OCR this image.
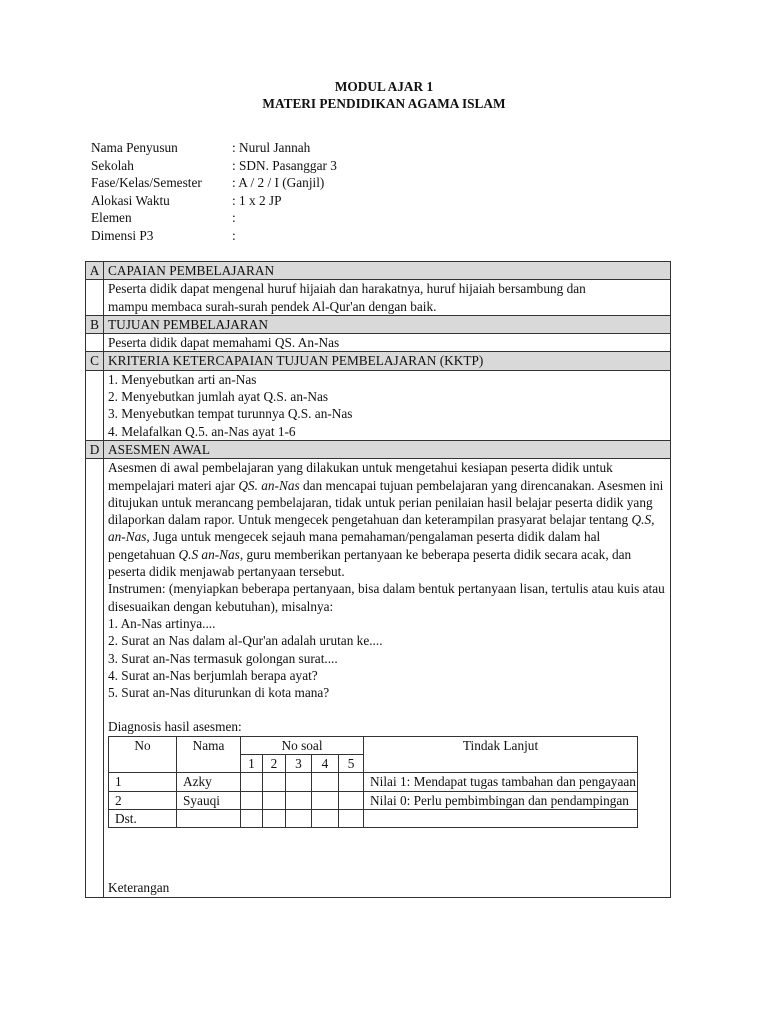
MODUL AJAR 1
MATERI PENDIDIKAN AGAMA ISLAM
Nama Penyusun	: Nurul Jannah
Sekolah	: SDN. Pasanggar 3
Fase/Kelas/Semester : A / 2 / I (Ganjil)
Alokasi Waktu	: 1 x 2 JP
Elemen	:
Dimensi P3	:
A	CAPAIAN PEMBELAJARAN

Peserta didik dapat mengenal huruf hijaiah dan harakatnya, huruf hijaiah bersambung dan
mampu membaca surah-surah pendek Al-Qur'an dengan baik.

B	TUJUAN PEMBELAJARAN

Peserta didik dapat memahami QS. An-Nas

C	KRITERIA KETERCAPAIAN TUJUAN PEMBELAJARAN (KKTP)

1. Menyebutkan arti an-Nas
2. Menyebutkan jumlah ayat Q.S. an-Nas
3. Menyebutkan tempat turunnya Q.S. an-Nas
4. Melafalkan Q.5. an-Nas ayat 1-6

D	ASESMEN AWAL

Asesmen di awal pembelajaran yang dilakukan untuk mengetahui kesiapan peserta didik untuk mempelajari materi ajar QS. an-Nas dan mencapai tujuan pembelajaran yang direncanakan. Asesmen ini ditujukan untuk merancang pembelajaran, tidak untuk perian penilaian hasil belajar peserta didik yang dilaporkan dalam rapor. Untuk mengecek pengetahuan dan keterampilan prasyarat belajar tentang Q.S, an-Nas, Juga untuk mengecek sejauh mana pemahaman/pengalaman peserta didik dalam hal pengetahuan Q.S an-Nas, guru memberikan pertanyaan ke beberapa peserta didik secara acak, dan peserta didik menjawab pertanyaan tersebut.

Instrumen: (menyiapkan beberapa pertanyaan, bisa dalam bentuk pertanyaan lisan, tertulis atau kuis atau disesuaikan dengan kebutuhan), misalnya:

1. An-Nas artinya....
2. Surat an Nas dalam al-Qur'an adalah urutan ke....
3. Surat an-Nas termasuk golongan surat....
4. Surat an-Nas berjumlah berapa ayat?
5. Surat an-Nas diturunkan di kota mana?
Diagnosis hasil asesmen:
No	Nama	No soal	Tindak Lanjut
1	2	3	4	5
1	Azky						Nilai 1: Mendapat tugas tambahan dan pengayaan
2	Syauqi						Nilai 0: Perlu pembimbingan dan pendampingan
Dst.							
Keterangan
